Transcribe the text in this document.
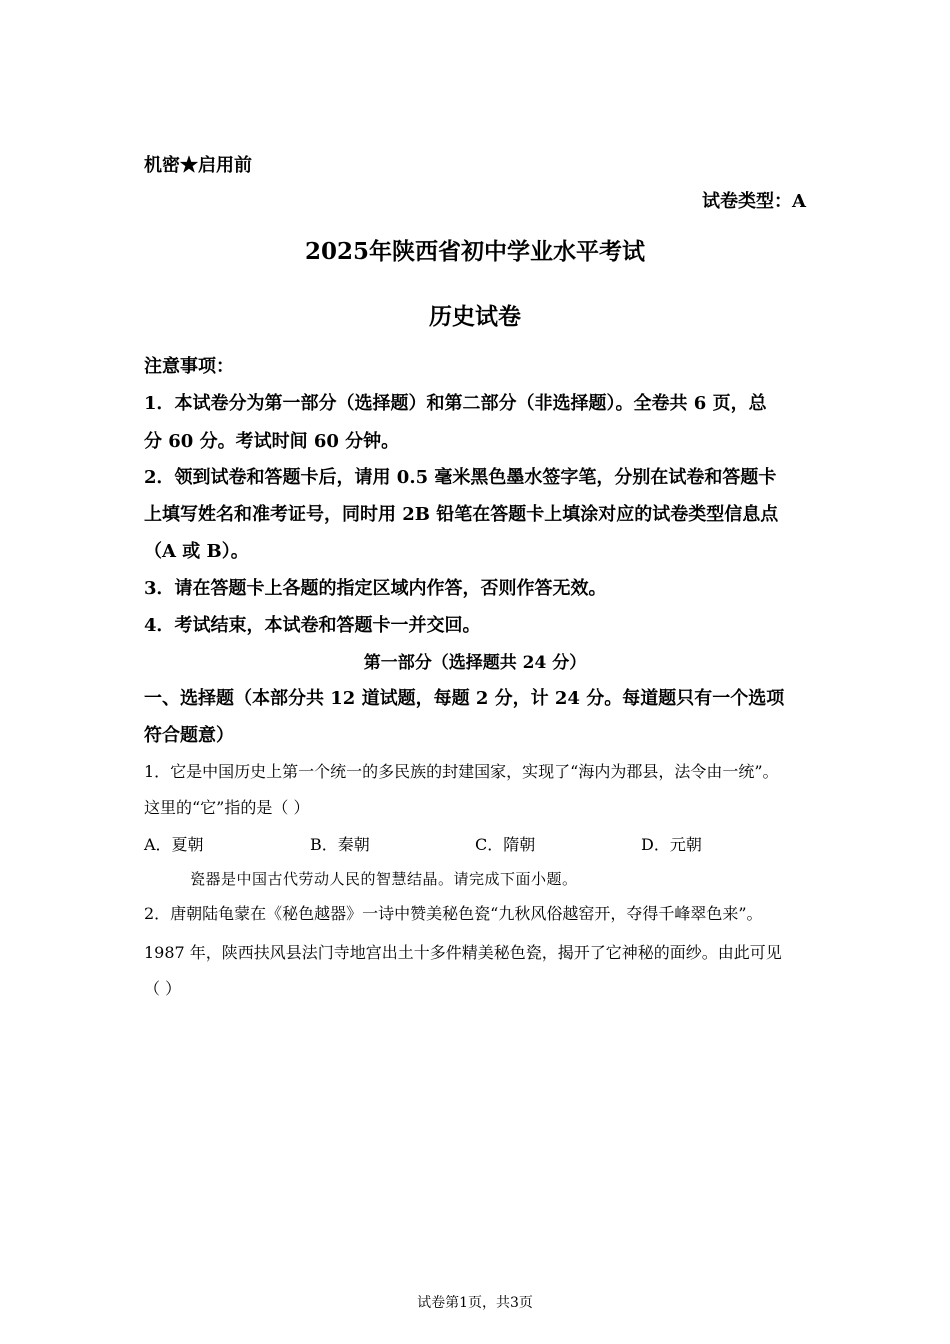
机密★启用前
试卷类型：A
2025年陕西省初中学业水平考试
历史试卷
注意事项：
1．本试卷分为第一部分（选择题）和第二部分（非选择题）。全卷共 6 页，总
分 60 分。考试时间 60 分钟。
2．领到试卷和答题卡后，请用 0.5 毫米黑色墨水签字笔，分别在试卷和答题卡
上填写姓名和准考证号，同时用 2B 铅笔在答题卡上填涂对应的试卷类型信息点
（A 或 B）。
3．请在答题卡上各题的指定区域内作答，否则作答无效。
4．考试结束，本试卷和答题卡一并交回。
第一部分（选择题共 24 分）
一、选择题（本部分共 12 道试题，每题 2 分，计 24 分。每道题只有一个选项
符合题意）
1．它是中国历史上第一个统一的多民族的封建国家，实现了“海内为郡县，法令由一统”。
这里的“它”指的是（ ）
A．夏朝	B．秦朝	C．隋朝	D．元朝
瓷器是中国古代劳动人民的智慧结晶。请完成下面小题。
2．唐朝陆龟蒙在《秘色越器》一诗中赞美秘色瓷“九秋风俗越窑开，夺得千峰翠色来”。
1987 年，陕西扶风县法门寺地宫出土十多件精美秘色瓷，揭开了它神秘的面纱。由此可见
（ ）
试卷第1页，共3页
